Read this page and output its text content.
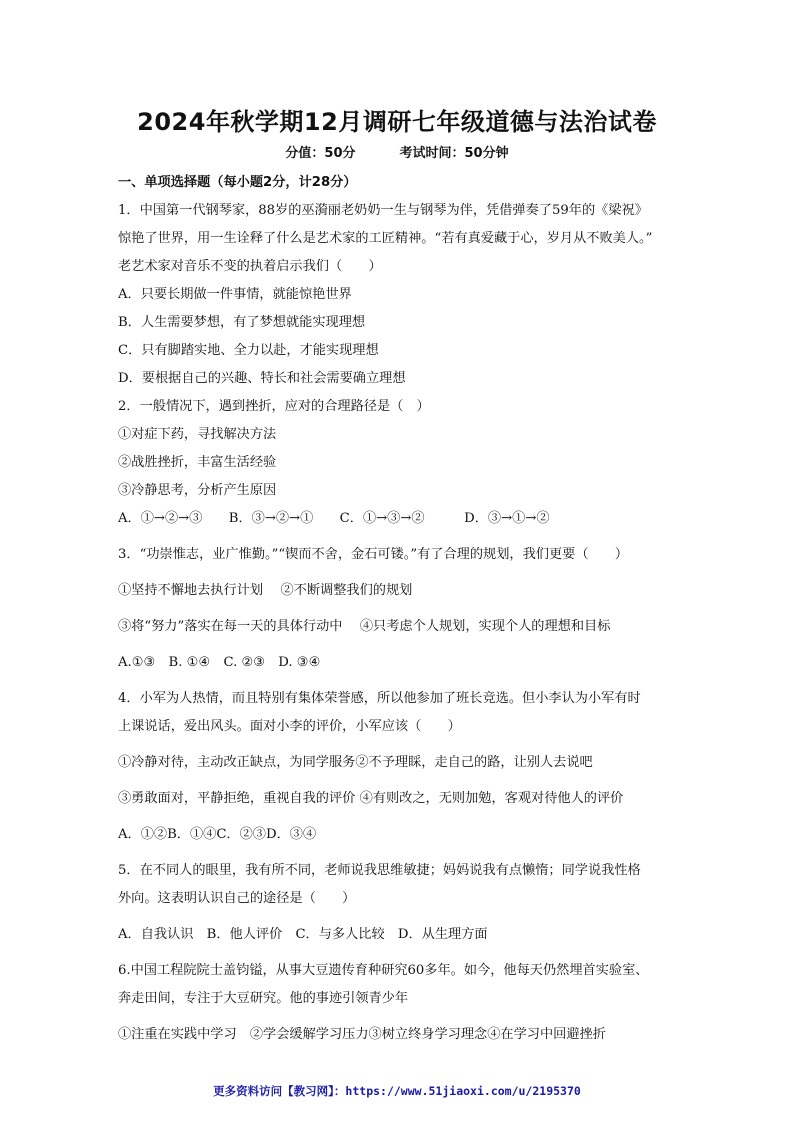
2024年秋学期12月调研七年级道德与法治试卷
分值：50分	考试时间：50分钟
一、单项选择题（每小题2分，计28分）
1．中国第一代钢琴家，88岁的巫漪丽老奶奶一生与钢琴为伴，凭借弹奏了59年的《梁祝》
惊艳了世界，用一生诠释了什么是艺术家的工匠精神。“若有真爱藏于心，岁月从不败美人。”
老艺术家对音乐不变的执着启示我们（　　）
A．只要长期做一件事情，就能惊艳世界
B．人生需要梦想，有了梦想就能实现理想
C．只有脚踏实地、全力以赴，才能实现理想
D．要根据自己的兴趣、特长和社会需要确立理想
2．一般情况下，遇到挫折，应对的合理路径是（　）
①对症下药，寻找解决方法
②战胜挫折，丰富生活经验
③冷静思考，分析产生原因
A．①→②→③　　B．③→②→①　　C．①→③→②　　　D．③→①→②
3．“功崇惟志，业广惟勤。”“锲而不舍，金石可镂。”有了合理的规划，我们更要（　　）
①坚持不懈地去执行计划　 ②不断调整我们的规划
③将“努力”落实在每一天的具体行动中　 ④只考虑个人规划，实现个人的理想和目标
A.①③　B. ①④　C. ②③　D. ③④
4．小军为人热情，而且特别有集体荣誉感，所以他参加了班长竞选。但小李认为小军有时
上课说话，爱出风头。面对小李的评价，小军应该（　　）
①冷静对待，主动改正缺点，为同学服务②不予理睬，走自己的路，让别人去说吧
③勇敢面对，平静拒绝，重视自我的评价 ④有则改之，无则加勉，客观对待他人的评价
A．①②B．①④C．②③D．③④
5．在不同人的眼里，我有所不同，老师说我思维敏捷；妈妈说我有点懒惰；同学说我性格
外向。这表明认识自己的途径是（　　）
A．自我认识　B．他人评价　C．与多人比较　D．从生理方面
6.中国工程院院士盖钧镒，从事大豆遗传育种研究60多年。如今，他每天仍然埋首实验室、
奔走田间，专注于大豆研究。他的事迹引领青少年
①注重在实践中学习　②学会缓解学习压力③树立终身学习理念④在学习中回避挫折
更多资料访问【教习网】：https://www.51jiaoxi.com/u/2195370
